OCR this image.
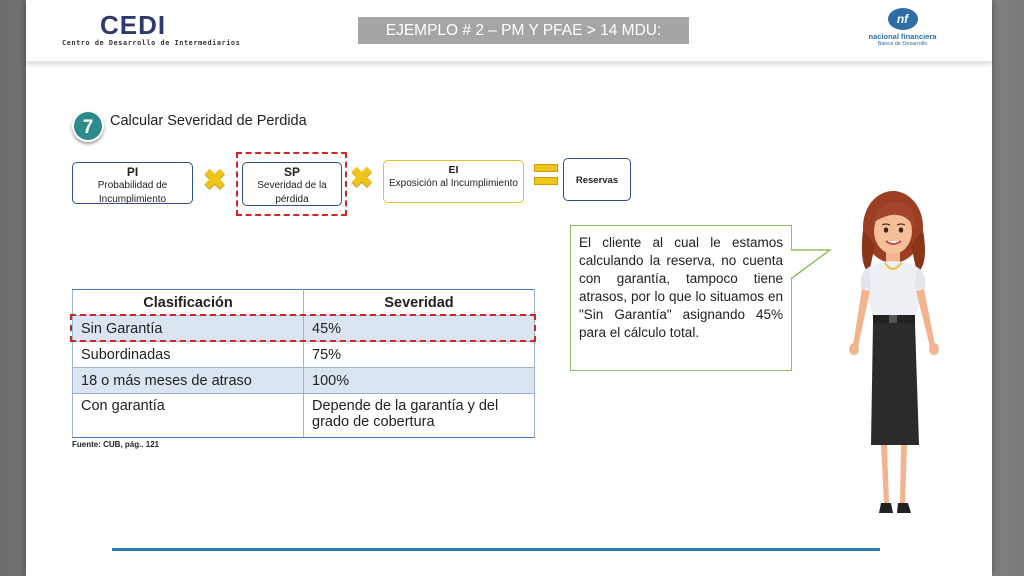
CEDI
Centro de Desarrollo de Intermediarios
EJEMPLO # 2 – PM Y PFAE > 14 MDU:
nf
nacional financiera
Banca de Desarrollo
7	Calcular Severidad de Perdida
PI
Probabilidad de Incumplimiento
✖	SP
Severidad de la pérdida
✖	EI
Exposición al Incumplimiento	Reservas
Clasificación	Severidad
Sin Garantía	45%
Subordinadas	75%
18 o más meses de atraso	100%
Con garantía	Depende de la garantía y del grado de cobertura
Fuente: CUB, pág.. 121
El cliente al cual le estamos calculando la reserva, no cuenta con garantía, tampoco tiene atrasos, por lo que lo situamos en "Sin Garantía" asignando 45% para el cálculo total.
